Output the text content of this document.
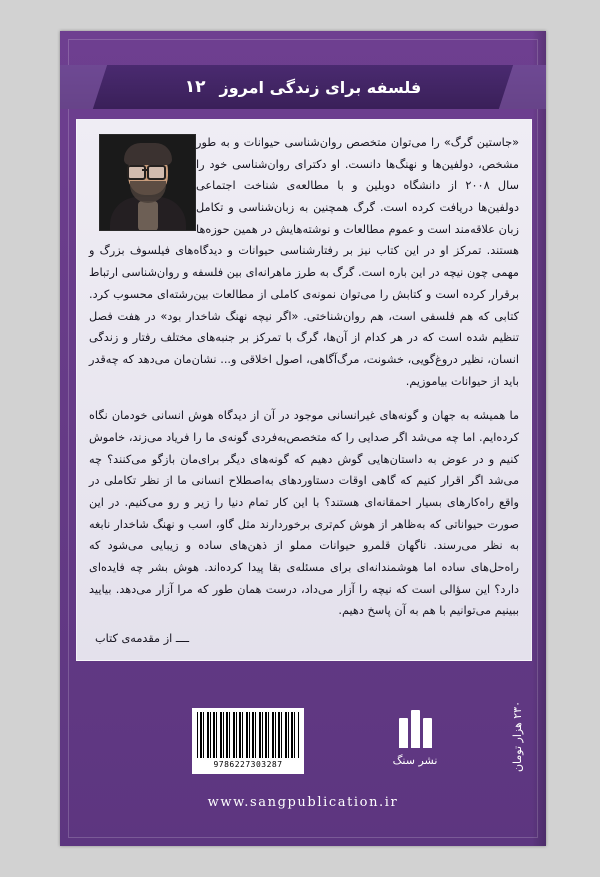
فلسفه برای زندگی امروز
۱۲

«جاستین گرگ» را می‌توان متخصص روان‌شناسی حیوانات و به طور مشخص، دولفین‌ها و نهنگ‌ها دانست. او دکترای روان‌شناسی خود را سال ۲۰۰۸ از دانشگاه دوبلین و با مطالعه‌ی شناخت اجتماعی دولفین‌ها دریافت کرده است. گرگ همچنین به زبان‌شناسی و تکامل زبان علاقه‌مند است و عموم مطالعات و نوشته‌هایش در همین حوزه‌ها هستند. تمرکز او در این کتاب نیز بر رفتارشناسی حیوانات و دیدگاه‌های فیلسوف بزرگ و مهمی چون نیچه در این باره است. گرگ به طرز ماهرانه‌ای بین فلسفه و روان‌شناسی ارتباط برقرار کرده است و کتابش را می‌توان نمونه‌ی کاملی از مطالعات بین‌رشته‌ای محسوب کرد. کتابی که هم فلسفی است، هم روان‌شناختی. «اگر نیچه نهنگ شاخدار بود» در هفت فصل تنظیم شده است که در هر کدام از آن‌ها، گرگ با تمرکز بر جنبه‌های مختلف رفتار و زندگی انسان، نظیر دروغ‌گویی، خشونت، مرگ‌آگاهی، اصول اخلاقی و... نشان‌مان می‌دهد که چه‌قدر باید از حیوانات بیاموزیم.

ما همیشه به جهان و گونه‌های غیرانسانی موجود در آن از دیدگاه هوش انسانی خودمان نگاه کرده‌ایم. اما چه می‌شد اگر صدایی را که متخصص‌به‌فردی گونه‌ی ما را فریاد می‌زند، خاموش کنیم و در عوض به داستان‌هایی گوش دهیم که گونه‌های دیگر برای‌مان بازگو می‌کنند؟ چه می‌شد اگر اقرار کنیم که گاهی اوقات دستاوردهای به‌اصطلاح انسانی ما از نظر تکاملی در واقع راه‌کارهای بسیار احمقانه‌ای هستند؟ با این کار تمام دنیا را زیر و رو می‌کنیم. در این صورت حیواناتی که به‌ظاهر از هوش کم‌تری برخوردارند مثل گاو، اسب و نهنگ شاخدار نابغه به نظر می‌رسند. ناگهان قلمرو حیوانات مملو از ذهن‌های ساده و زیبایی می‌شود که راه‌حل‌های ساده اما هوشمندانه‌ای برای مسئله‌ی بقا پیدا کرده‌اند. هوش بشر چه فایده‌ای دارد؟ این سؤالی است که نیچه را آزار می‌داد، درست همان طور که مرا آزار می‌دهد. بیایید ببینیم می‌توانیم با هم به آن پاسخ دهیم.

ــــ از مقدمه‌ی کتاب
9786227303287	نشر سنگ	۲۳۰ هزار تومان
www.sangpublication.ir
